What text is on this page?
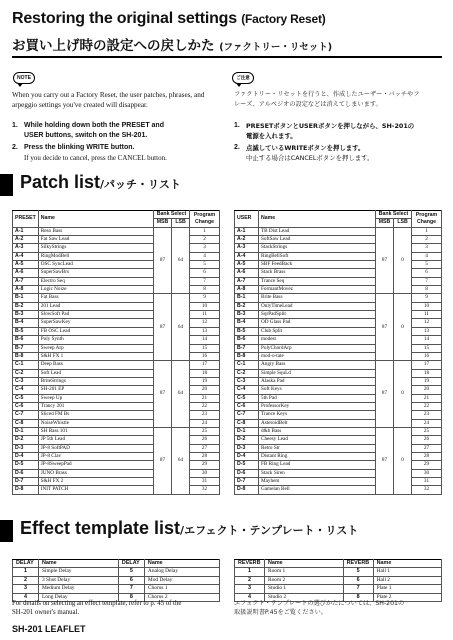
Restoring the original settings (Factory Reset)
お買い上げ時の設定への戻しかた (ファクトリー・リセット)
NOTE	ご注意
When you carry out a Factory Reset, the user patches, phrases, and
arpeggio settings you've created will disappear.
ファクトリー・リセットを行うと、作成したユーザー・パッチやフ
レーズ、アルペジオの設定などは消えてしまいます。
1. While holding down both the PRESET and
USER buttons, switch on the SH-201.
2. Press the blinking WRITE button.
If you decide to cancel, press the CANCEL button.
1. PRESETボタンとUSERボタンを押しながら、SH-201の
電源を入れます。
2. 点滅しているWRITEボタンを押します。
中止する場合はCANCELボタンを押します。
Patch list/パッチ・リスト
PRESET	Name	Bank Select		Program
Change

		MSB	LSB	
A-1	Reso Bass	87	64	1
A-2	Fat Saw Lead			2
A-3	SilkyStrings			3
A-4	RingModBell			4
A-5	OSC SyncLead			5
A-6	SuperSawBrs			6
A-7	Electro Seq			7
A-8	Logic Noize			8
B-1	Fat Bass	87	64	9
B-2	201 Lead			10
B-3	SlowSoft Pad			11
B-4	SuperSawKey			12
B-5	FB OSC Lead			13
B-6	Poly Synth			14
B-7	Sweep Arp			15
B-8	S&H FX 1			16
C-1	Deep Bass	87	64	17
C-2	Soft Lead			18
C-3	BriteStrings			19
C-4	SH-201 EP			20
C-5	Sweep Up			21
C-6	Trancy 201			22
C-7	Sliced FM Bs			23
C-8	NoiseWhistle			24
D-1	SH Bass 101	87	64	25
D-2	JP 5th Lead			26
D-3	JP-8 SoftPAD			27
D-4	JP-8 Clav			28
D-5	JP-8SweepPad			29
D-6	JUNO Brass			30
D-7	S&H FX 2			31
D-8	INIT PATCH			32
USER	Name	Bank Select		Program
Change

		MSB	LSB	
A-1	TB Dist Lead	87	0	1
A-2	SoftSaw Lead			2
A-3	StackStrings			3
A-4	RingBellSoft			4
A-5	SBF FeedBack			5
A-6	Stack Brass			6
A-7	Trance Seq			7
A-8	FormantMovez			8
B-1	Brite Bass	87	0	9
B-2	OnlyTimeLead			10
B-3	SqrPadSplit			11
B-4	OD Glass Pad			12
B-5	Club Split			13
B-6	modest			14
B-7	PolyChordArp			15
B-8	mod-o-tate			16
C-1	Angry Bass	87	0	17
C-2	Simple SquLd			18
C-3	Alaska Pad			19
C-4	Soft Keys			20
C-5	5th Pad			21
C-6	ProfessorKey			22
C-7	Trance Keys			23
C-8	AsteroidBelt			24
D-1	d&b Bass	87	0	25
D-2	Cheesy Lead			26
D-3	Retro Str			27
D-4	Distant Ring			28
D-5	FB Ring Lead			29
D-6	Stack Siren			30
D-7	Mayhem			31
D-8	Gamelan Bell			32
Effect template list/エフェクト・テンプレート・リスト
DELAY	Name	DELAY	Name
1	Simple Delay	5	Analog Delay
2	3 Shot Delay	6	Mod Delay
3	Medium Delay	7	Chorus 1
4	Long Delay	8	Chorus 2
REVERB	Name	REVERB	Name
1	Room 1	5	Hall 1
2	Room 2	6	Hall 2
3	Studio 1	7	Plate 1
4	Studio 2	8	Plate 2
For details on selecting an effect template, refer to p. 45 of the
SH-201 owner's manual.
エフェクト・テンプレートの選びかたについては、SH-201の
取扱説明書P.45をご覧ください。
SH-201 LEAFLET
